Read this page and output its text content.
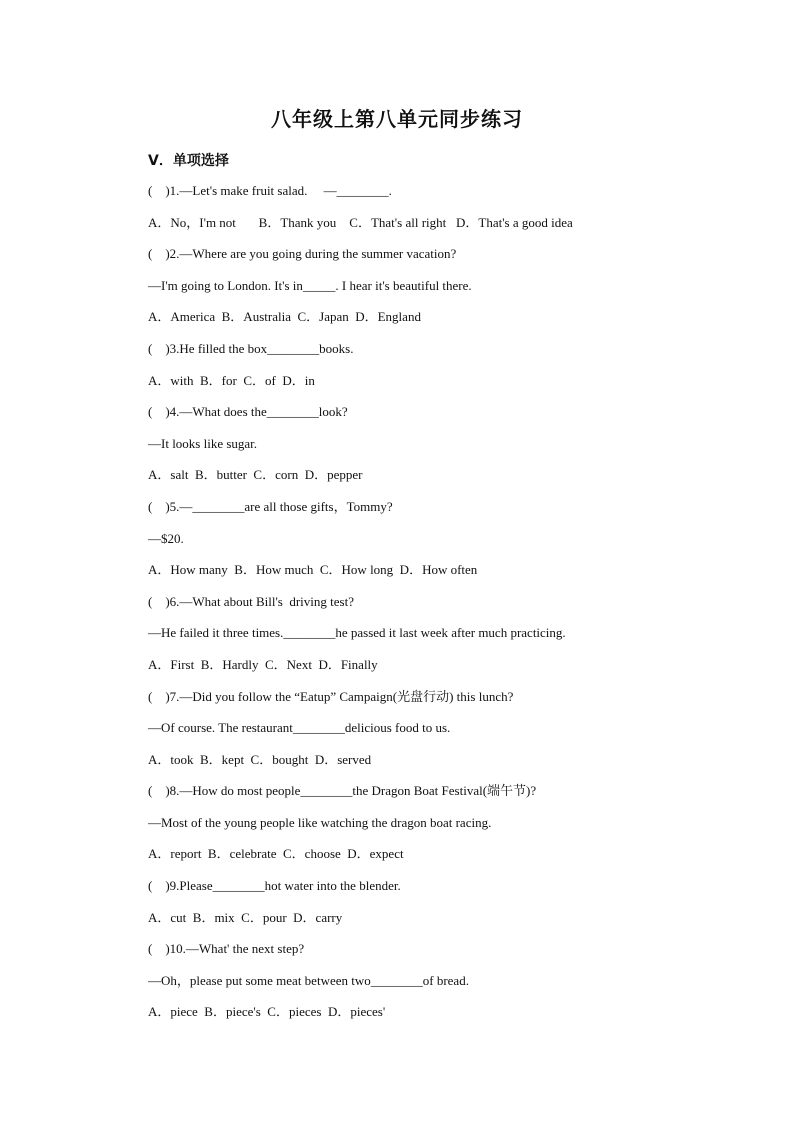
八年级上第八单元同步练习
V．单项选择
(    )1.—Let's make fruit salad.     —________.
A．No，I'm not       B．Thank you    C．That's all right   D．That's a good idea
(    )2.—Where are you going during the summer vacation?
—I'm going to London. It's in_____. I hear it's beautiful there.
A．America  B．Australia  C．Japan  D．England
(    )3.He filled the box________books.
A．with  B．for  C．of  D．in
(    )4.—What does the________look?
—It looks like sugar.
A．salt  B．butter  C．corn  D．pepper
(    )5.—________are all those gifts，Tommy?
—$20.
A．How many  B．How much  C．How long  D．How often
(    )6.—What about Bill's  driving test?
—He failed it three times.________he passed it last week after much practicing.
A．First  B．Hardly  C．Next  D．Finally
(    )7.—Did you follow the “Eatup” Campaign(光盘行动) this lunch?
—Of course. The restaurant________delicious food to us.
A．took  B．kept  C．bought  D．served
(    )8.—How do most people________the Dragon Boat Festival(端午节)?
—Most of the young people like watching the dragon boat racing.
A．report  B．celebrate  C．choose  D．expect
(    )9.Please________hot water into the blender.
A．cut  B．mix  C．pour  D．carry
(    )10.—What' the next step?
—Oh，please put some meat between two________of bread.
A．piece  B．piece's  C．pieces  D．pieces'
